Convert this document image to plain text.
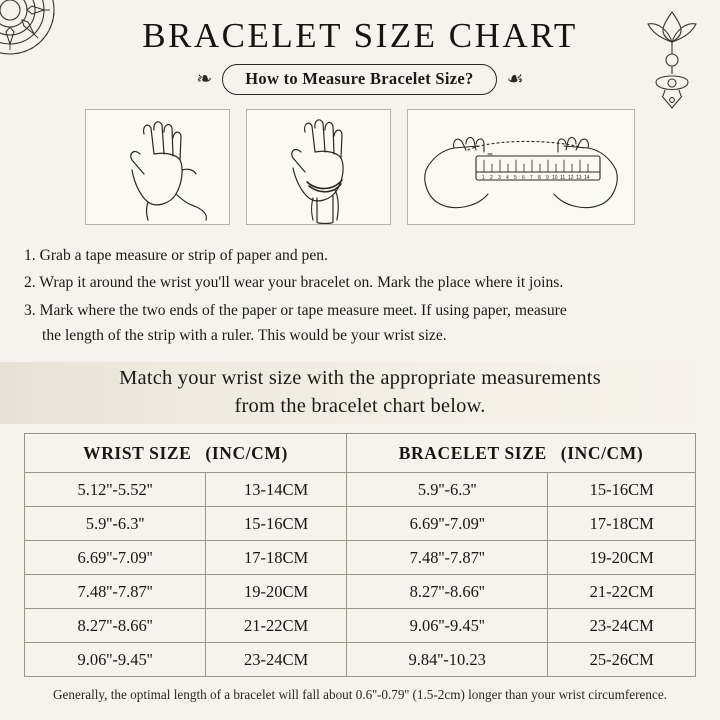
BRACELET SIZE CHART
❧	How to Measure Bracelet Size?	☙
1 2 3 4 5 6 7 8 9 10 11 12 13 14
1. Grab a tape measure or strip of paper and pen.
2. Wrap it around the wrist you'll wear your bracelet on. Mark the place where it joins.
3. Mark where the two ends of the paper or tape measure meet. If using paper, measure
the length of the strip with a ruler. This would be your wrist size.
Match your wrist size with the appropriate measurements
from the bracelet chart below.
WRIST SIZE (INC/CM)		BRACELET SIZE (INC/CM)	
5.12''-5.52''	13-14CM	5.9''-6.3''	15-16CM
5.9''-6.3''	15-16CM	6.69''-7.09''	17-18CM
6.69''-7.09''	17-18CM	7.48''-7.87''	19-20CM
7.48''-7.87''	19-20CM	8.27''-8.66''	21-22CM
8.27''-8.66''	21-22CM	9.06''-9.45''	23-24CM
9.06''-9.45''	23-24CM	9.84''-10.23	25-26CM
Generally, the optimal length of a bracelet will fall about 0.6''-0.79'' (1.5-2cm) longer than your wrist circumference.
